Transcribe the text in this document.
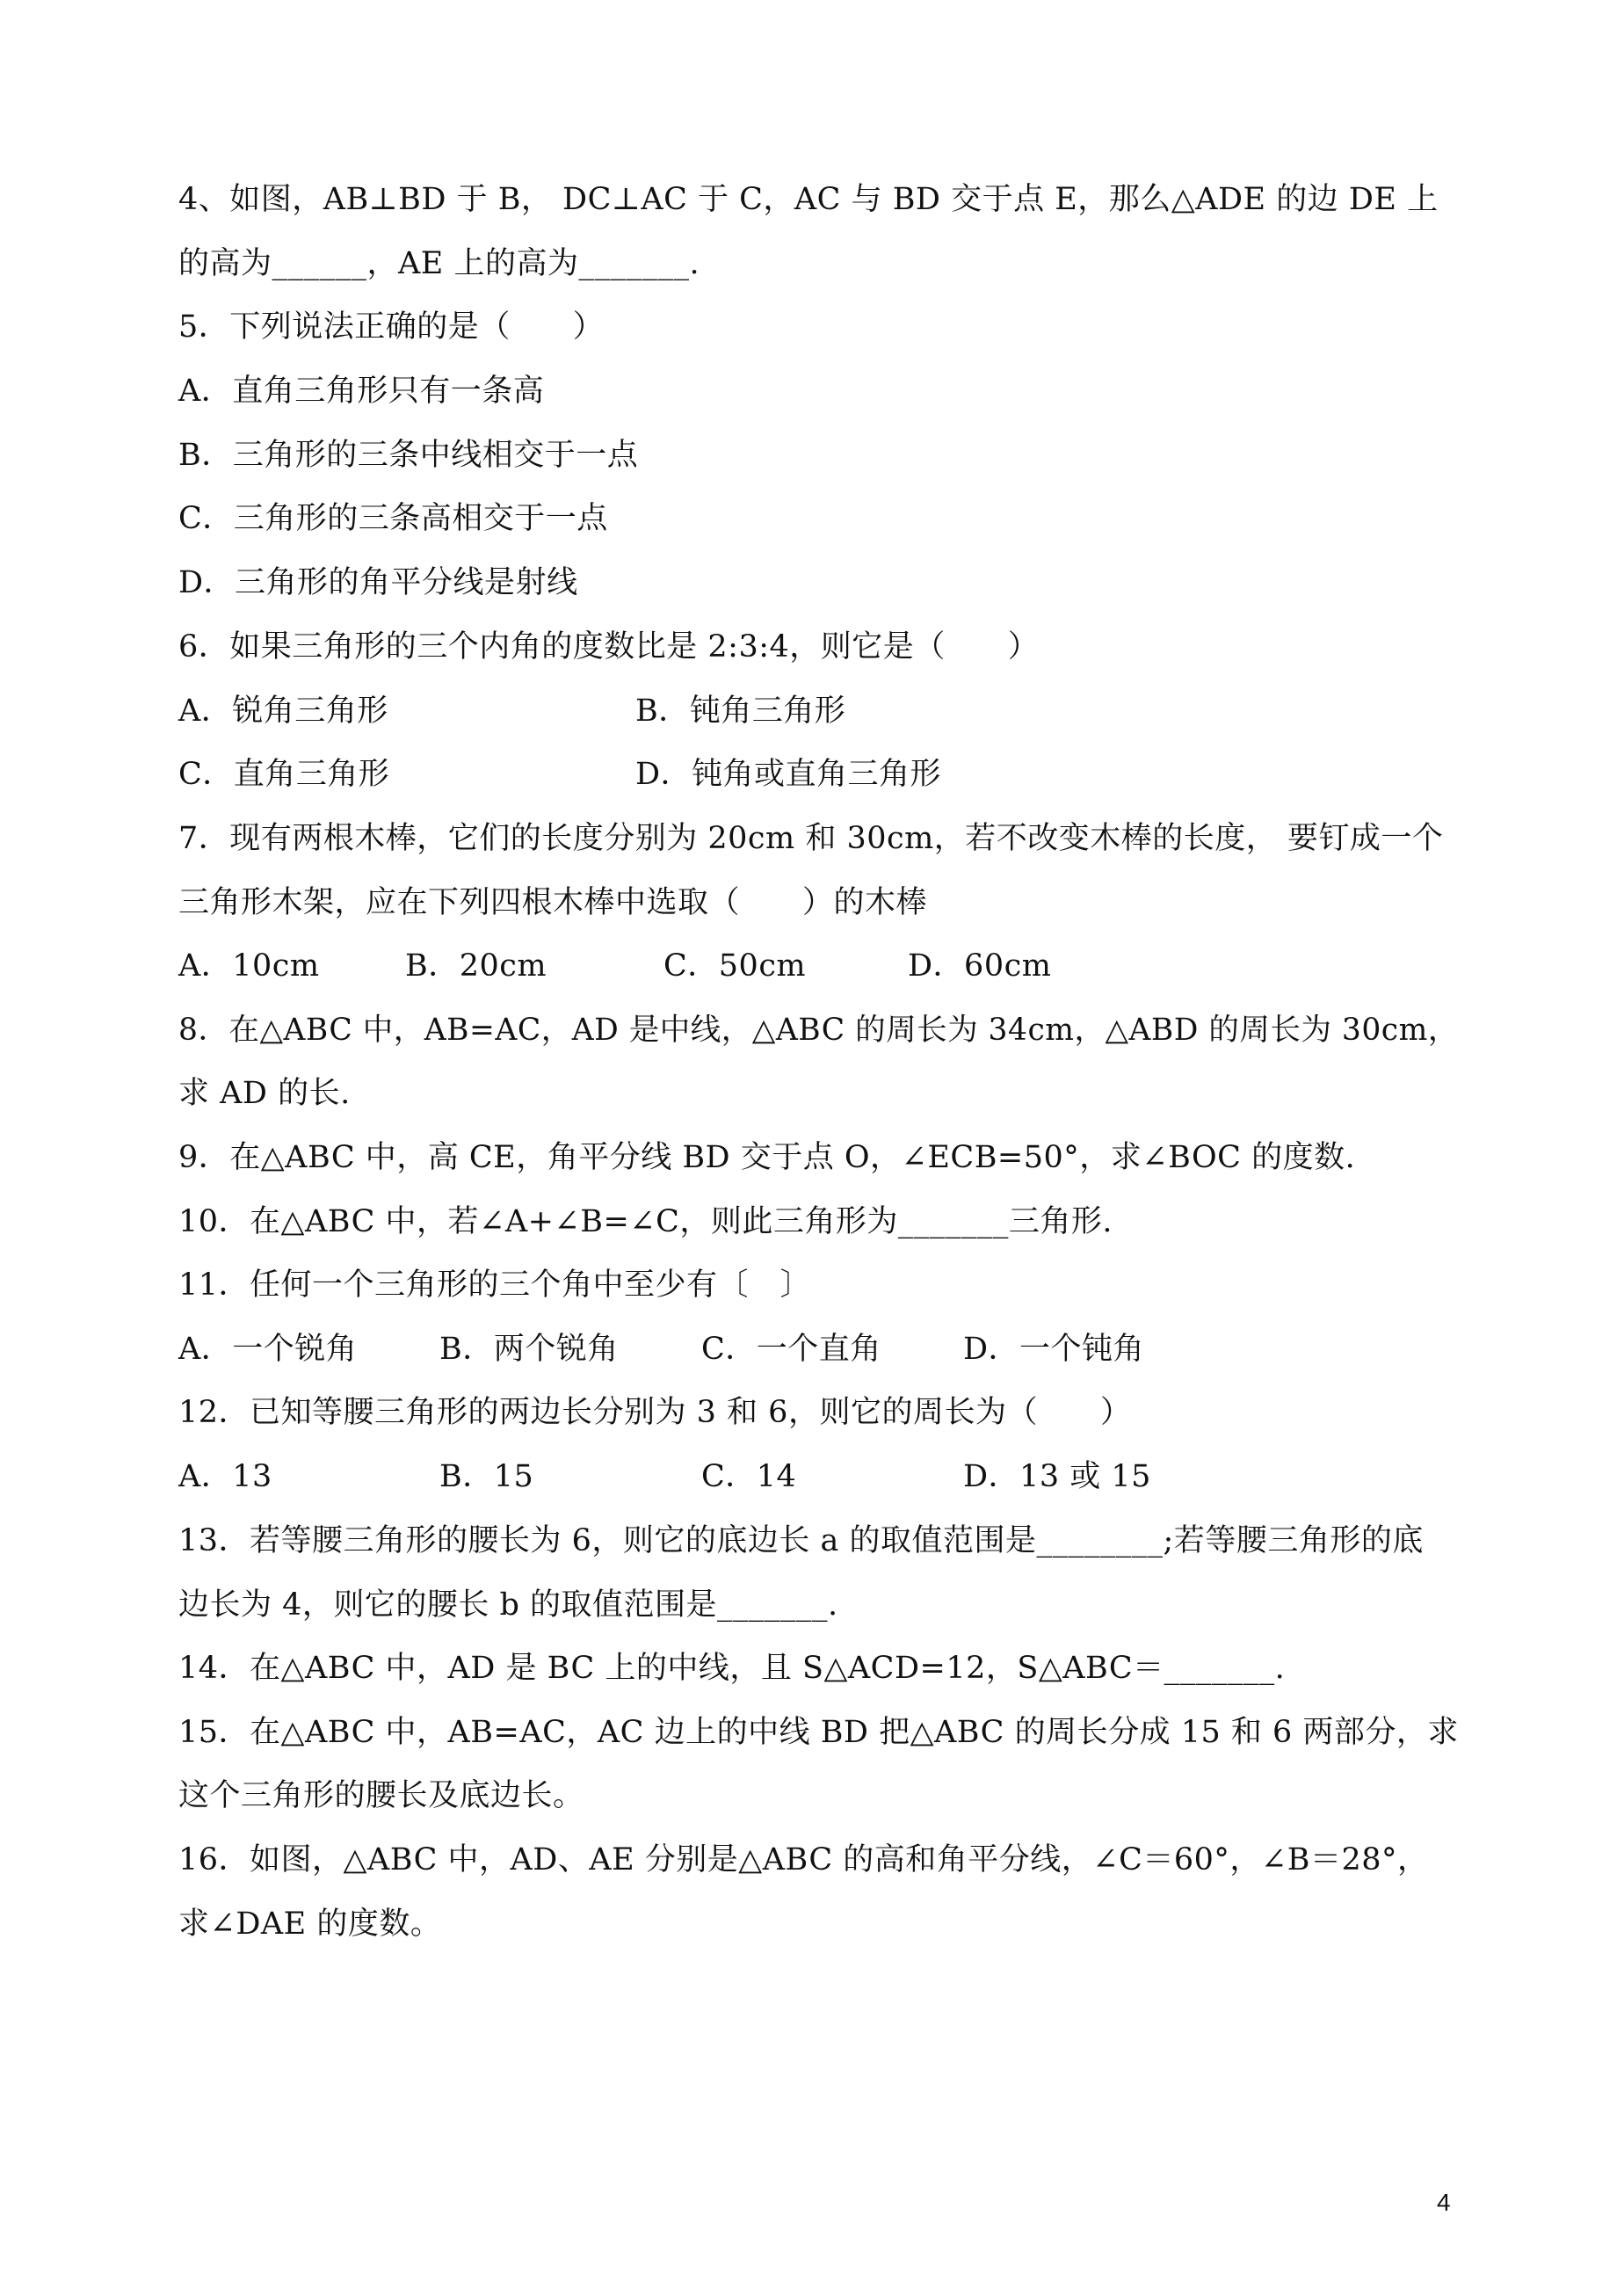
4、如图，AB⊥BD 于 B， DC⊥AC 于 C，AC 与 BD 交于点 E，那么△ADE 的边 DE 上
的高为______，AE 上的高为_______.
5．下列说法正确的是（　　）
A．直角三角形只有一条高
B．三角形的三条中线相交于一点
C．三角形的三条高相交于一点
D．三角形的角平分线是射线
6．如果三角形的三个内角的度数比是 2:3:4，则它是（　　）
A．锐角三角形	B．钝角三角形
C．直角三角形	D．钝角或直角三角形
7．现有两根木棒，它们的长度分别为 20cm 和 30cm，若不改变木棒的长度， 要钉成一个
三角形木架，应在下列四根木棒中选取（　　）的木棒
A．10cm	B．20cm	C．50cm	D．60cm
8．在△ABC 中，AB=AC，AD 是中线，△ABC 的周长为 34cm，△ABD 的周长为 30cm，
求 AD 的长.
9．在△ABC 中，高 CE，角平分线 BD 交于点 O，∠ECB=50°，求∠BOC 的度数.
10．在△ABC 中，若∠A+∠B=∠C，则此三角形为_______三角形.
11．任何一个三角形的三个角中至少有〔　〕
A．一个锐角	B．两个锐角	C．一个直角	D．一个钝角
12．已知等腰三角形的两边长分别为 3 和 6，则它的周长为（　　）
A．13	B．15	C．14	D．13 或 15
13．若等腰三角形的腰长为 6，则它的底边长 a 的取值范围是________;若等腰三角形的底
边长为 4，则它的腰长 b 的取值范围是_______.
14．在△ABC 中，AD 是 BC 上的中线，且 S△ACD=12，S△ABC＝_______.
15．在△ABC 中，AB=AC，AC 边上的中线 BD 把△ABC 的周长分成 15 和 6 两部分，求
这个三角形的腰长及底边长。
16．如图，△ABC 中，AD、AE 分别是△ABC 的高和角平分线，∠C＝60°，∠B＝28°，
求∠DAE 的度数。
4
